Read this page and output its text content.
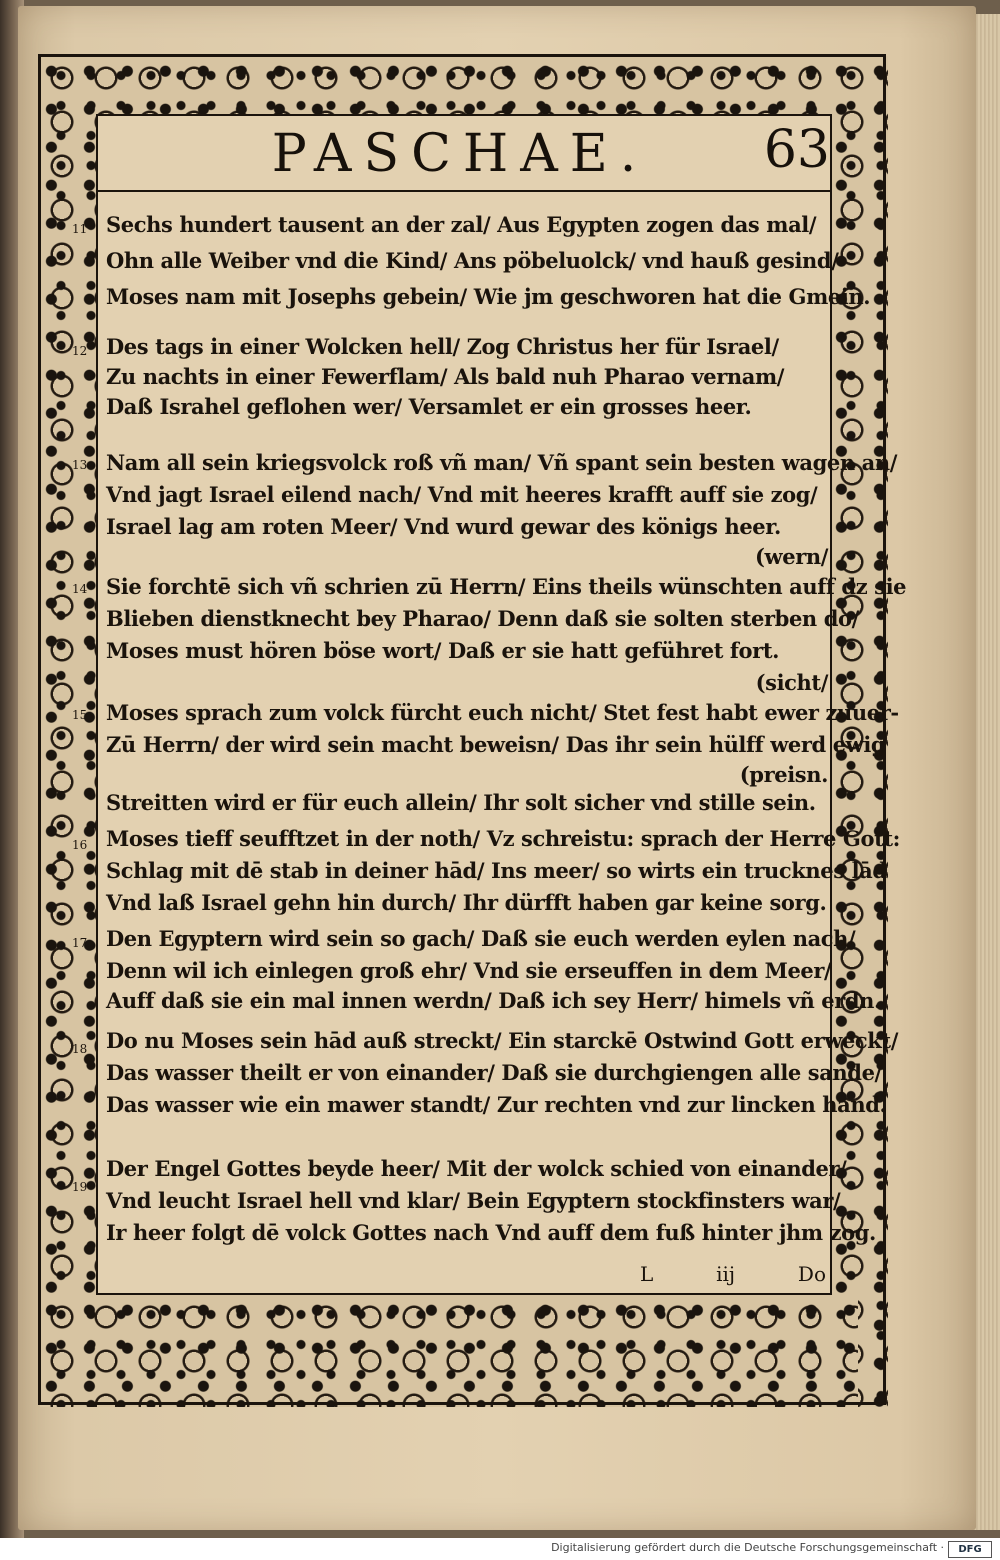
PASCHAE.	63
11 Sechs hundert tausent an der zal/ Aus Egypten zogen das mal/
Ohn alle Weiber vnd die Kind/ Ans pöbeluolck/ vnd hauß gesind/
Moses nam mit Josephs gebein/ Wie jm geschworen hat die Gmein.
12 Des tags in einer Wolcken hell/ Zog Christus her für Israel/
Zu nachts in einer Fewerflam/ Als bald nuh Pharao vernam/
Daß Israhel geflohen wer/ Versamlet er ein grosses heer.
13 Nam all sein kriegsvolck roß vñ man/ Vñ spant sein besten wagen an/
Vnd jagt Israel eilend nach/ Vnd mit heeres krafft auff sie zog/
Israel lag am roten Meer/ Vnd wurd gewar des königs heer.
(wern/
14 Sie forchtē sich vñ schrien zū Herrn/ Eins theils wünschten auff dz sie
Blieben dienstknecht bey Pharao/ Denn daß sie solten sterben do/
Moses must hören böse wort/ Daß er sie hatt geführet fort.
(sicht/
15 Moses sprach zum volck fürcht euch nicht/ Stet fest habt ewer zuuer-
Zū Herrn/ der wird sein macht beweisn/ Das ihr sein hülff werd ewig
(preisn.
Streitten wird er für euch allein/ Ihr solt sicher vnd stille sein.
16 Moses tieff seufftzet in der noth/ Vz schreistu: sprach der Herre Gott:
Schlag mit dē stab in deiner hād/ Ins meer/ so wirts ein trucknes lād
Vnd laß Israel gehn hin durch/ Ihr dürfft haben gar keine sorg.
17 Den Egyptern wird sein so gach/ Daß sie euch werden eylen nach/
Denn wil ich einlegen groß ehr/ Vnd sie erseuffen in dem Meer/
Auff daß sie ein mal innen werdn/ Daß ich sey Herr/ himels vñ erdn.
18 Do nu Moses sein hād auß streckt/ Ein starckē Ostwind Gott erweckt/
Das wasser theilt er von einander/ Daß sie durchgiengen alle sande/
Das wasser wie ein mawer standt/ Zur rechten vnd zur lincken hand.
19
Der Engel Gottes beyde heer/ Mit der wolck schied von einander/
Vnd leucht Israel hell vnd klar/ Bein Egyptern stockfinsters war/
Ir heer folgt dē volck Gottes nach Vnd auff dem fuß hinter jhm zog.
L	iij	Do
Digitalisierung gefördert durch die Deutsche Forschungsgemeinschaft ·	DFG
